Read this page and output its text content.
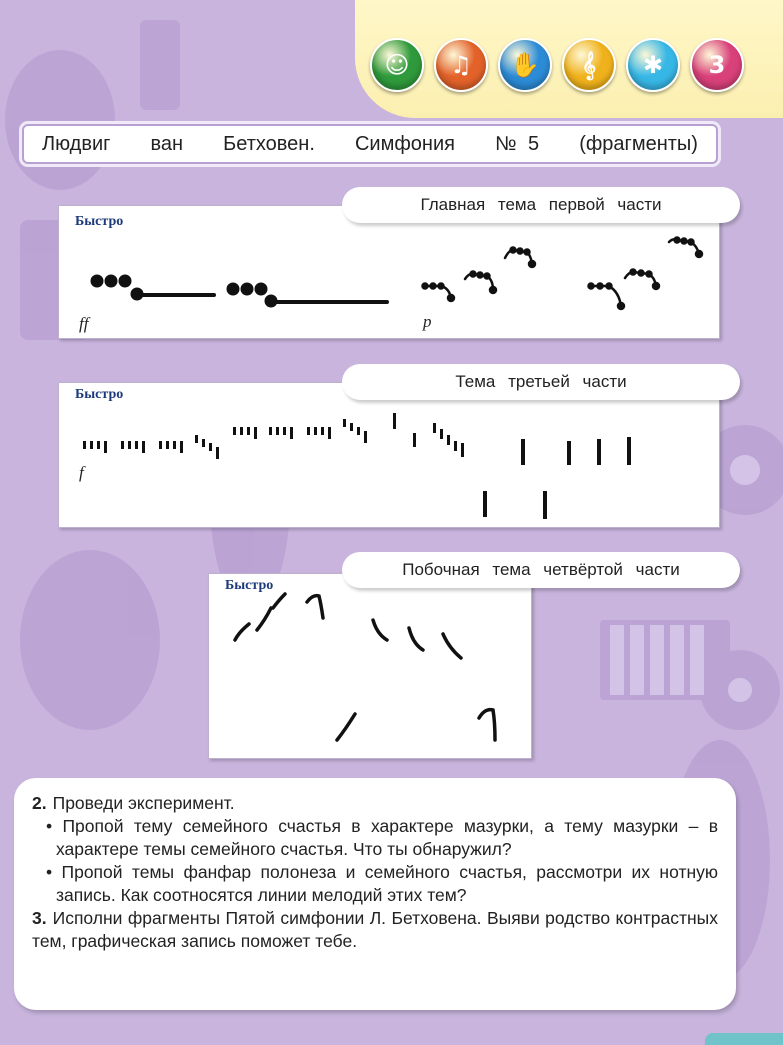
☺	♫	✋	𝄞	✱	3
Людвиг ван Бетховен. Симфония № 5 (фрагменты)
Быстро
ff	p
Главная тема первой части
Быстро
f
Тема третьей части
Быстро
Побочная тема четвёртой части

2. Проведи эксперимент.

• Пропой тему семейного счастья в характере мазурки, а тему мазурки – в характере темы семейного счастья. Что ты обнаружил?

• Пропой темы фанфар полонеза и семейного счастья, рассмотри их нотную запись. Как соотносятся линии мелодий этих тем?

3. Исполни фрагменты Пятой симфонии Л. Бетховена. Выяви родство контрастных тем, графическая запись поможет тебе.
